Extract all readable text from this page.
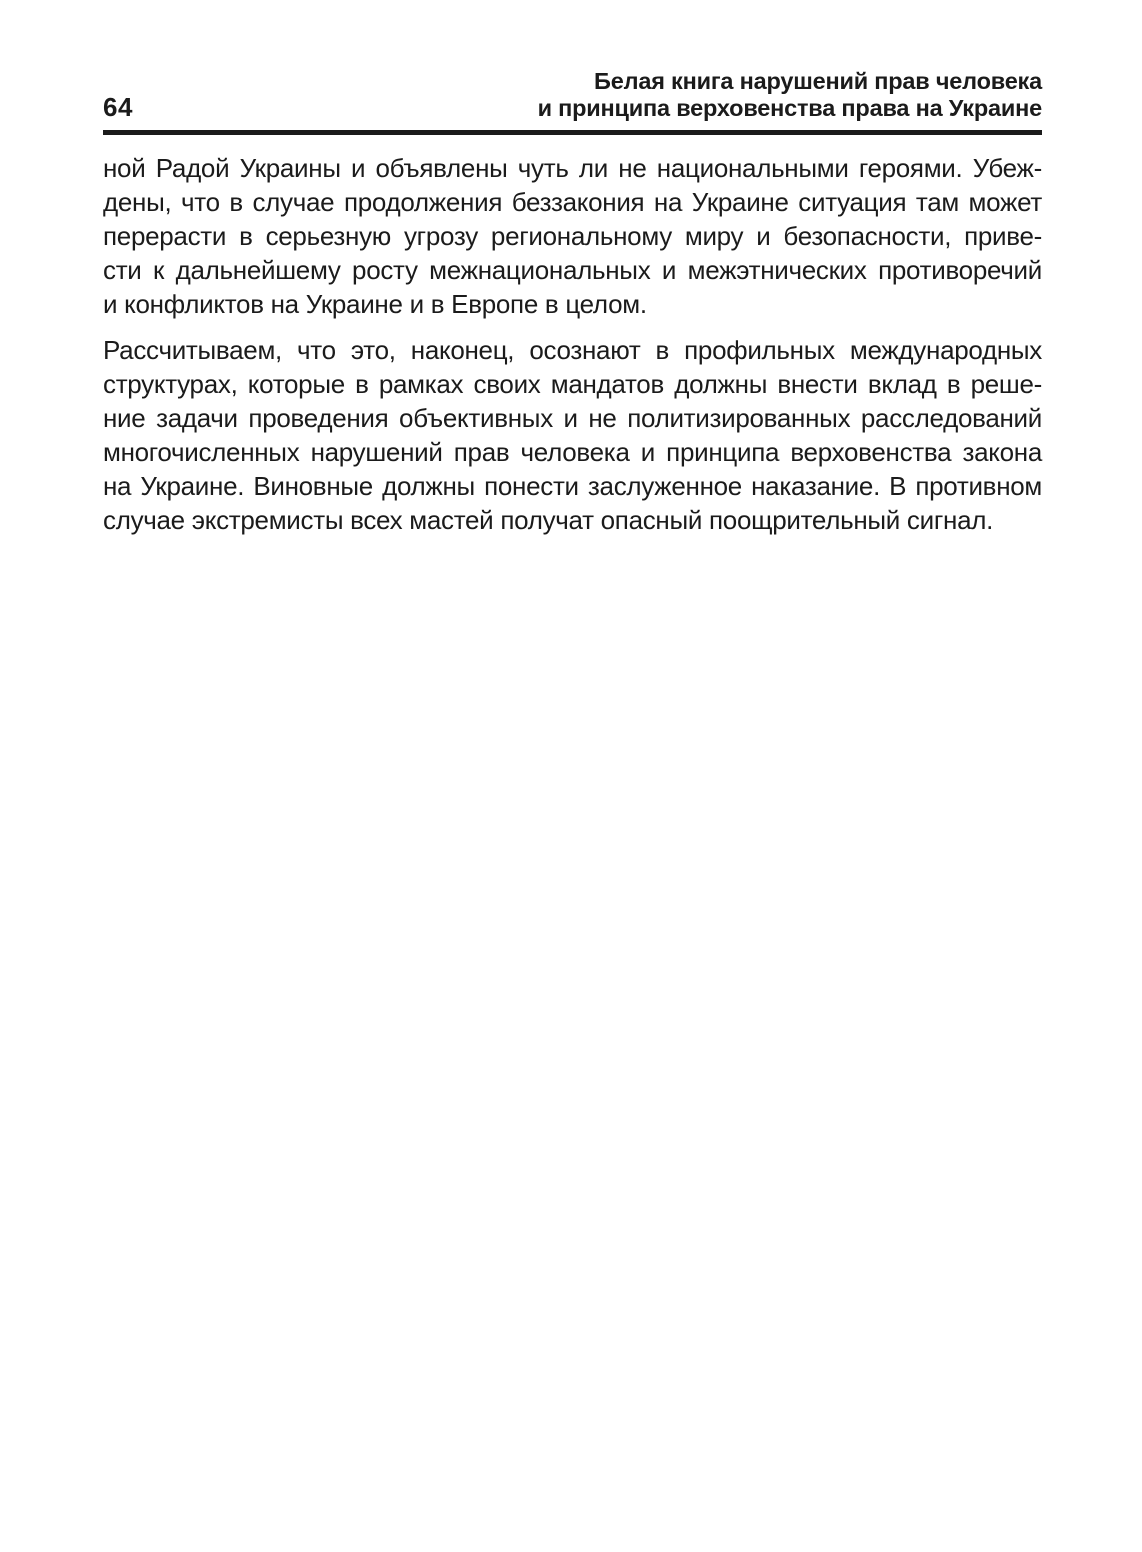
64
Белая книга нарушений прав человека
и принципа верховенства права на Украине
ной Радой Украины и объявлены чуть ли не национальными героями. Убеж-
дены, что в случае продолжения беззакония на Украине ситуация там может
перерасти в серьезную угрозу региональному миру и безопасности, приве-
сти к дальнейшему росту межнациональных и межэтнических противоречий
и конфликтов на Украине и в Европе в целом.
Рассчитываем, что это, наконец, осознают в профильных международных
структурах, которые в рамках своих мандатов должны внести вклад в реше-
ние задачи проведения объективных и не политизированных расследований
многочисленных нарушений прав человека и принципа верховенства закона
на Украине. Виновные должны понести заслуженное наказание. В противном
случае экстремисты всех мастей получат опасный поощрительный сигнал.
